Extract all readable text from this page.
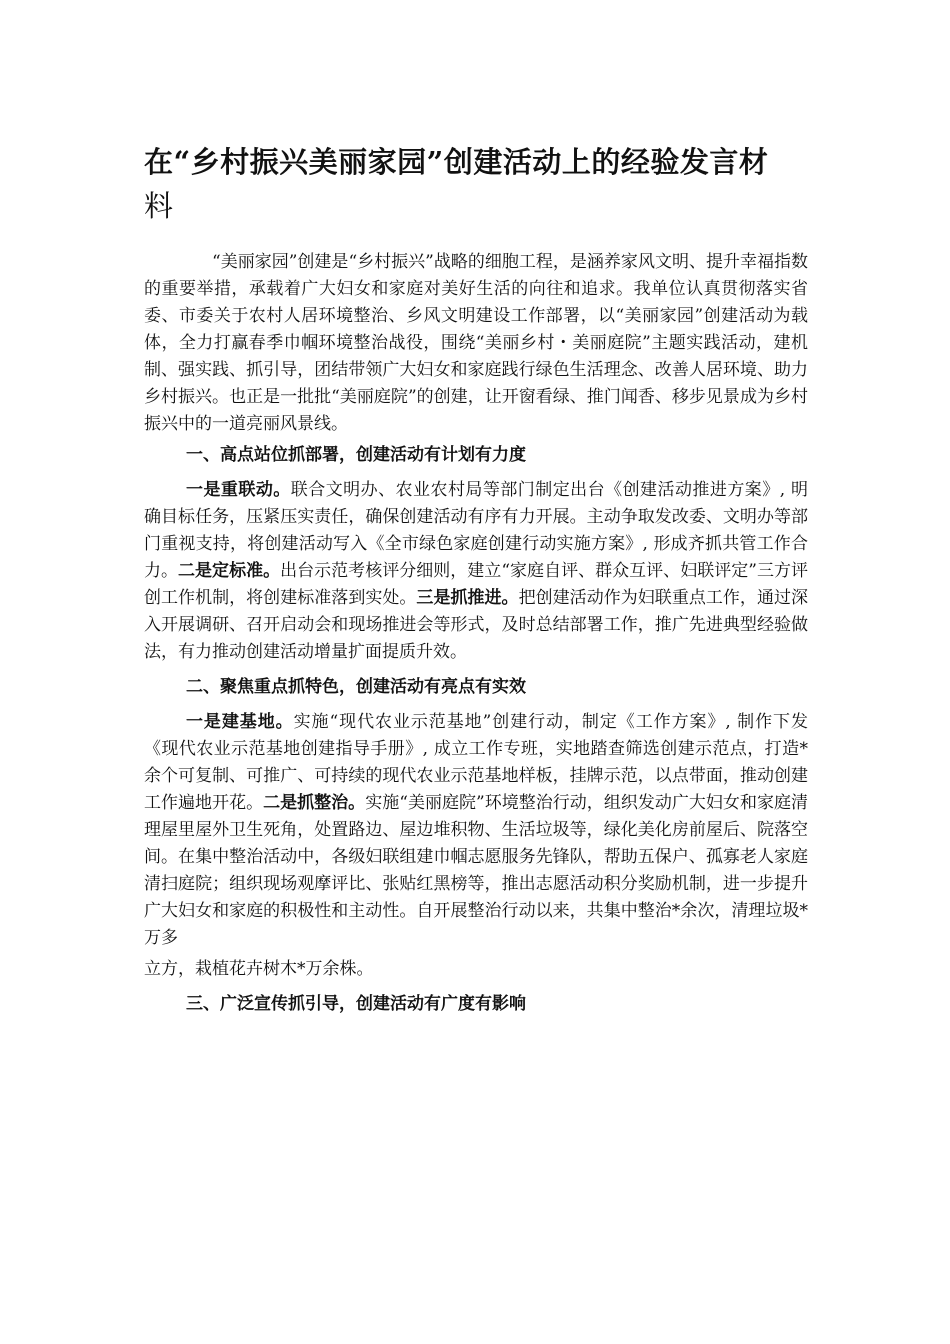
在“乡村振兴美丽家园”创建活动上的经验发言材
料

“美丽家园”创建是“乡村振兴”战略的细胞工程，是涵养家风文明、提升幸福指数的重要举措，承载着广大妇女和家庭对美好生活的向往和追求。我单位认真贯彻落实省委、市委关于农村人居环境整治、乡风文明建设工作部署，以“美丽家园”创建活动为载体，全力打赢春季巾帼环境整治战役，围绕“美丽乡村・美丽庭院”主题实践活动，建机制、强实践、抓引导，团结带领广大妇女和家庭践行绿色生活理念、改善人居环境、助力乡村振兴。也正是一批批“美丽庭院”的创建，让开窗看绿、推门闻香、移步见景成为乡村振兴中的一道亮丽风景线。

一、高点站位抓部署，创建活动有计划有力度

一是重联动。联合文明办、农业农村局等部门制定出台《创建活动推进方案》, 明确目标任务，压紧压实责任，确保创建活动有序有力开展。主动争取发改委、文明办等部门重视支持，将创建活动写入《全市绿色家庭创建行动实施方案》, 形成齐抓共管工作合力。二是定标准。出台示范考核评分细则，建立“家庭自评、群众互评、妇联评定”三方评创工作机制，将创建标准落到实处。三是抓推进。把创建活动作为妇联重点工作，通过深入开展调研、召开启动会和现场推进会等形式，及时总结部署工作，推广先进典型经验做法，有力推动创建活动增量扩面提质升效。

二、聚焦重点抓特色，创建活动有亮点有实效

一是建基地。实施“现代农业示范基地”创建行动，制定《工作方案》, 制作下发《现代农业示范基地创建指导手册》, 成立工作专班，实地踏查筛选创建示范点，打造*余个可复制、可推广、可持续的现代农业示范基地样板，挂牌示范，以点带面，推动创建工作遍地开花。二是抓整治。实施“美丽庭院”环境整治行动，组织发动广大妇女和家庭清理屋里屋外卫生死角，处置路边、屋边堆积物、生活垃圾等，绿化美化房前屋后、院落空间。在集中整治活动中，各级妇联组建巾帼志愿服务先锋队，帮助五保户、孤寡老人家庭清扫庭院；组织现场观摩评比、张贴红黑榜等，推出志愿活动积分奖励机制，进一步提升广大妇女和家庭的积极性和主动性。自开展整治行动以来，共集中整治*余次，清理垃圾*万多

立方，栽植花卉树木*万余株。

三、广泛宣传抓引导，创建活动有广度有影响
